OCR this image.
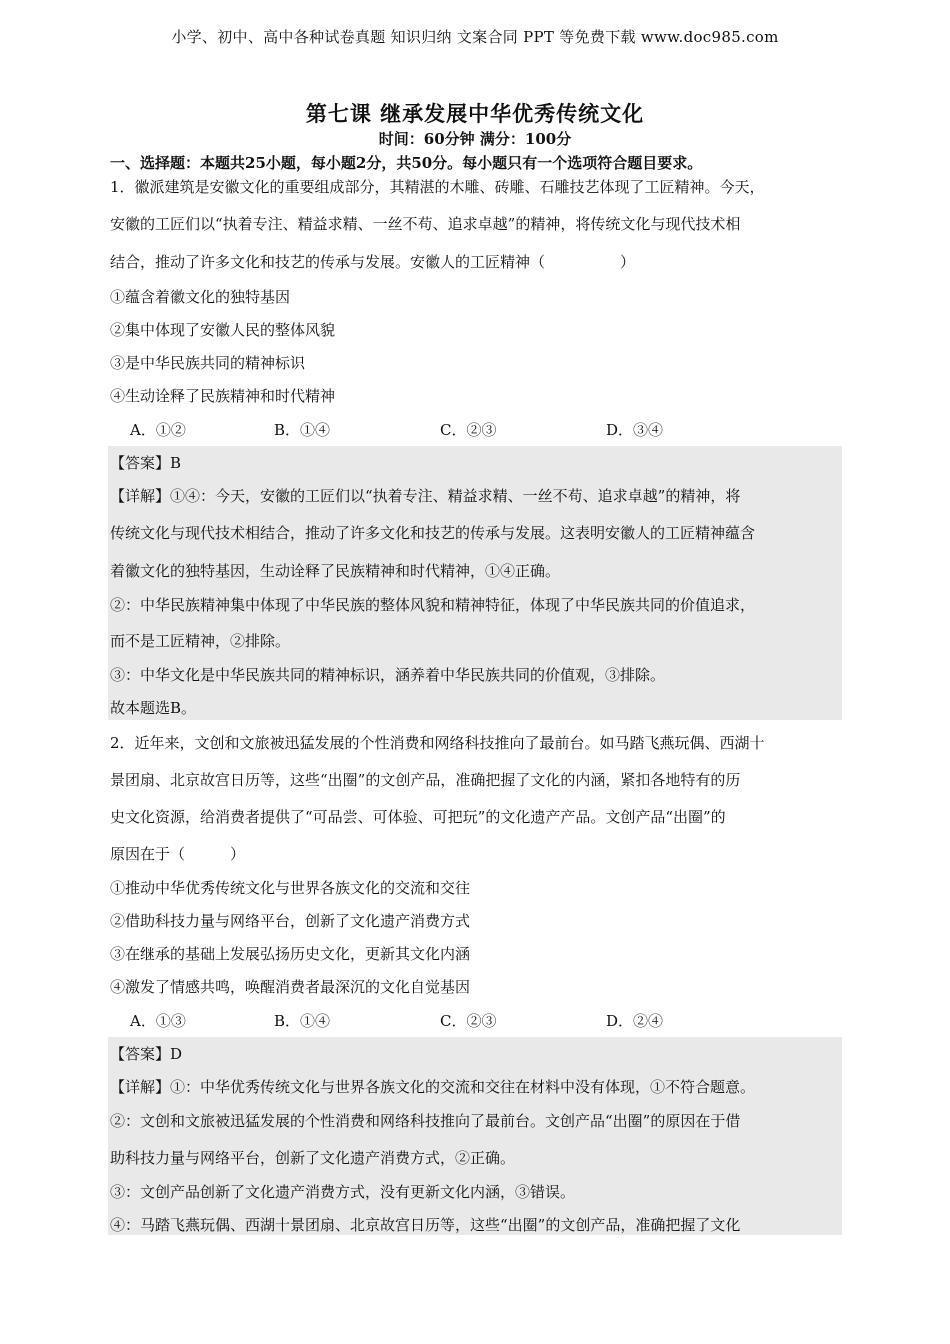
小学、初中、高中各种试卷真题 知识归纳 文案合同 PPT 等免费下载 www.doc985.com
第七课 继承发展中华优秀传统文化
时间：60分钟 满分：100分
一、选择题：本题共25小题，每小题2分，共50分。每小题只有一个选项符合题目要求。
1．徽派建筑是安徽文化的重要组成部分，其精湛的木雕、砖雕、石雕技艺体现了工匠精神。今天，
安徽的工匠们以“执着专注、精益求精、一丝不苟、追求卓越”的精神，将传统文化与现代技术相
结合，推动了许多文化和技艺的传承与发展。安徽人的工匠精神（　　　　　）
①蕴含着徽文化的独特基因
②集中体现了安徽人民的整体风貌
③是中华民族共同的精神标识
④生动诠释了民族精神和时代精神
A．①②	B．①④	C．②③	D．③④
【答案】B
【详解】①④：今天，安徽的工匠们以“执着专注、精益求精、一丝不苟、追求卓越”的精神，将
传统文化与现代技术相结合，推动了许多文化和技艺的传承与发展。这表明安徽人的工匠精神蕴含
着徽文化的独特基因，生动诠释了民族精神和时代精神，①④正确。
②：中华民族精神集中体现了中华民族的整体风貌和精神特征，体现了中华民族共同的价值追求，
而不是工匠精神，②排除。
③：中华文化是中华民族共同的精神标识，涵养着中华民族共同的价值观，③排除。
故本题选B。
2．近年来，文创和文旅被迅猛发展的个性消费和网络科技推向了最前台。如马踏飞燕玩偶、西湖十
景团扇、北京故宫日历等，这些“出圈”的文创产品，准确把握了文化的内涵，紧扣各地特有的历
史文化资源，给消费者提供了“可品尝、可体验、可把玩”的文化遗产产品。文创产品“出圈”的
原因在于（　　　）
①推动中华优秀传统文化与世界各族文化的交流和交往
②借助科技力量与网络平台，创新了文化遗产消费方式
③在继承的基础上发展弘扬历史文化，更新其文化内涵
④激发了情感共鸣，唤醒消费者最深沉的文化自觉基因
A．①③	B．①④	C．②③	D．②④
【答案】D
【详解】①：中华优秀传统文化与世界各族文化的交流和交往在材料中没有体现，①不符合题意。
②：文创和文旅被迅猛发展的个性消费和网络科技推向了最前台。文创产品“出圈”的原因在于借
助科技力量与网络平台，创新了文化遗产消费方式，②正确。
③：文创产品创新了文化遗产消费方式，没有更新文化内涵，③错误。
④：马踏飞燕玩偶、西湖十景团扇、北京故宫日历等，这些“出圈”的文创产品，准确把握了文化
